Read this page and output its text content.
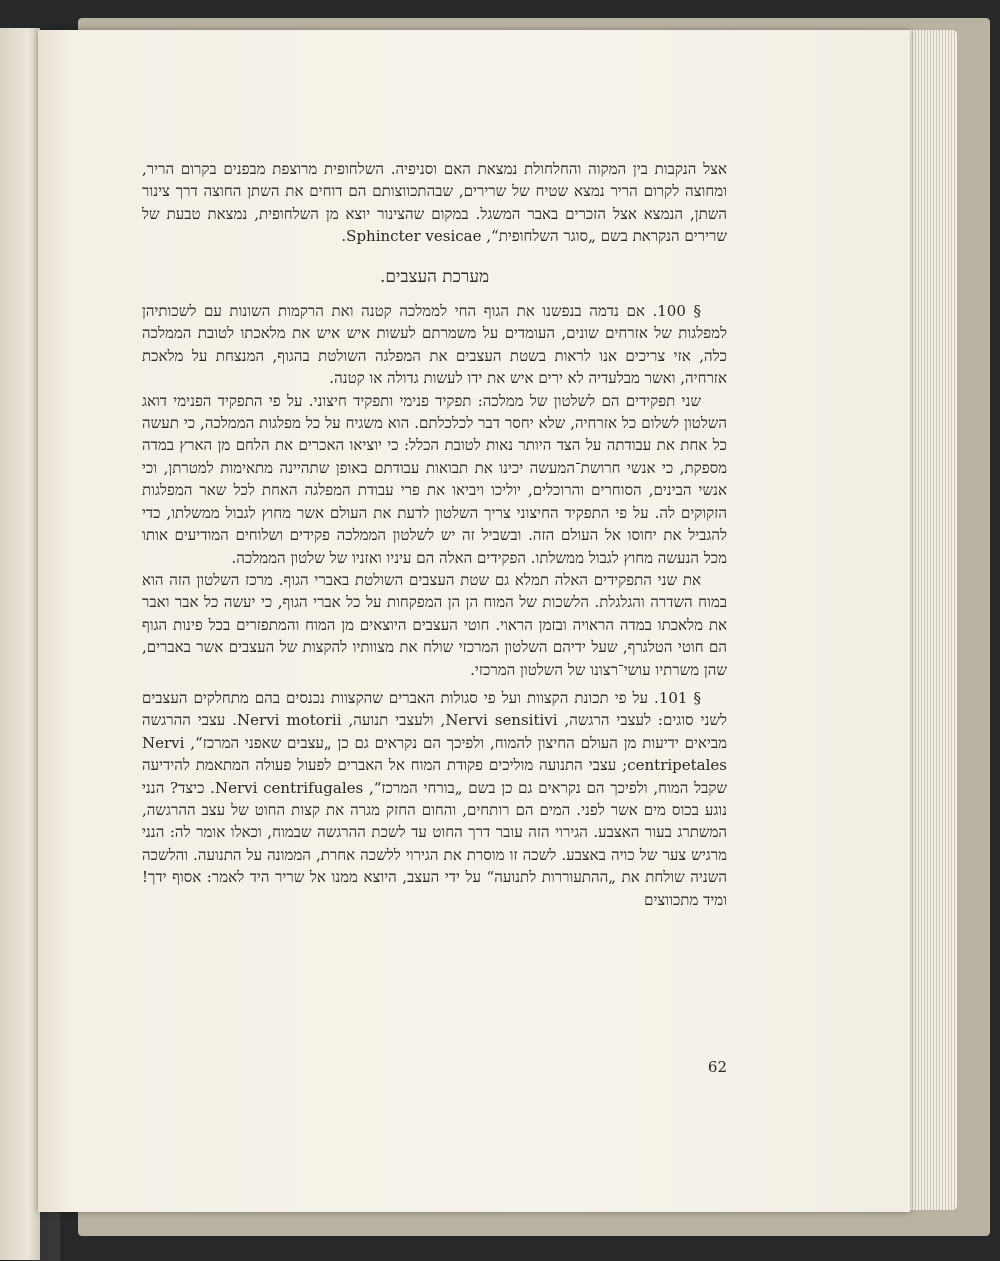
אצל הנקבות בין המקוה והחלחולת נמצאת האם וסניפיה. השלחופית מרוצפת מבפנים בקרום הריר, ומחוצה לקרום הריר נמצא שטיח של שרירים, שבהתכווצותם הם דוחים את השתן החוצה דרך צינור השתן, הנמצא אצל הזכרים באבר המשגל. במקום שהצינור יוצא מן השלחופית, נמצאת טבעת של שרירים הנקראת בשם „סוגר השלחופית“, Sphincter vesicae.

מערכת העצבים.

§ 100. אם נדמה בנפשנו את הגוף החי לממלכה קטנה ואת הרקמות השונות עם לשכותיהן למפלגות של אזרחים שונים, העומדים על משמרתם לעשות איש איש את מלאכתו לטובת הממלכה כלה, אזי צריכים אנו לראות בשטת העצבים את המפלגה השולטת בהגוף, המנצחת על מלאכת אזרחיה, ואשר מבלעדיה לא ירים איש את ידו לעשות גדולה או קטנה.

שני תפקידים הם לשלטון של ממלכה: תפקיד פנימי ותפקיד חיצוני. על פי התפקיד הפנימי דואג השלטון לשלום כל אזרחיה, שלא יחסר דבר לכלכלתם. הוא משגיח על כל מפלגות הממלכה, כי תעשה כל אחת את עבודתה על הצד היותר נאות לטובת הכלל: כי יוציאו האכרים את הלחם מן הארץ במדה מספקת, כי אנשי חרושת־המעשה יכינו את תבואות עבודתם באופן שתהיינה מתאימות למטרתן, וכי אנשי הבינים, הסוחרים והרוכלים, יוליכו ויביאו את פרי עבודת המפלגה האחת לכל שאר המפלגות הזקוקים לה. על פי התפקיד החיצוני צריך השלטון לדעת את העולם אשר מחוץ לגבול ממשלתו, כדי להגביל את יחוסו אל העולם הזה. ובשביל זה יש לשלטון הממלכה פקידים ושלוחים המודיעים אותו מכל הנעשה מחוץ לגבול ממשלתו. הפקידים האלה הם עיניו ואזניו של שלטון הממלכה.

את שני התפקידים האלה תמלא גם שטת העצבים השולטת באברי הגוף. מרכז השלטון הזה הוא במוח השדרה והגלגלת. הלשכות של המוח הן הן המפקחות על כל אברי הגוף, כי יעשה כל אבר ואבר את מלאכתו במדה הראויה ובזמן הראוי. חוטי העצבים היוצאים מן המוח והמתפזרים בכל פינות הגוף הם חוטי הטלגרף, שעל ידיהם השלטון המרכזי שולח את מצוותיו להקצות של העצבים אשר באברים, שהן משרתיו עושי־רצונו של השלטון המרכזי.

§ 101. על פי תכונת הקצוות ועל פי סגולות האברים שהקצוות נכנסים בהם מתחלקים העצבים לשני סוגים: לעצבי הרגשה, Nervi sensitivi, ולעצבי תנועה, Nervi motorii. עצבי ההרגשה מביאים ידיעות מן העולם החיצון להמוח, ולפיכך הם נקראים גם כן „עצבים שאפני המרכז“, Nervi centripetales; עצבי התנועה מוליכים פקודת המוח אל האברים לפעול פעולה המתאמת להידיעה שקבל המוח, ולפיכך הם נקראים גם כן בשם „בורחי המרכז“, Nervi centrifugales. כיצד? הנני נוגע בכוס מים אשר לפני. המים הם רותחים, והחום החזק מגרה את קצות החוט של עצב ההרגשה, המשתרג בעור האצבע. הגירוי הזה עובר דרך החוט עד לשכת ההרגשה שבמוח, וכאלו אומר לה: הנני מרגיש צער של כויה באצבע. לשכה זו מוסרת את הגירוי ללשכה אחרת, הממונה על התנועה. והלשכה השניה שולחת את „ההתעוררות לתנועה“ על ידי העצב, היוצא ממנו אל שריר היד לאמר: אסוף ידך! ומיד מתכווצים

62
